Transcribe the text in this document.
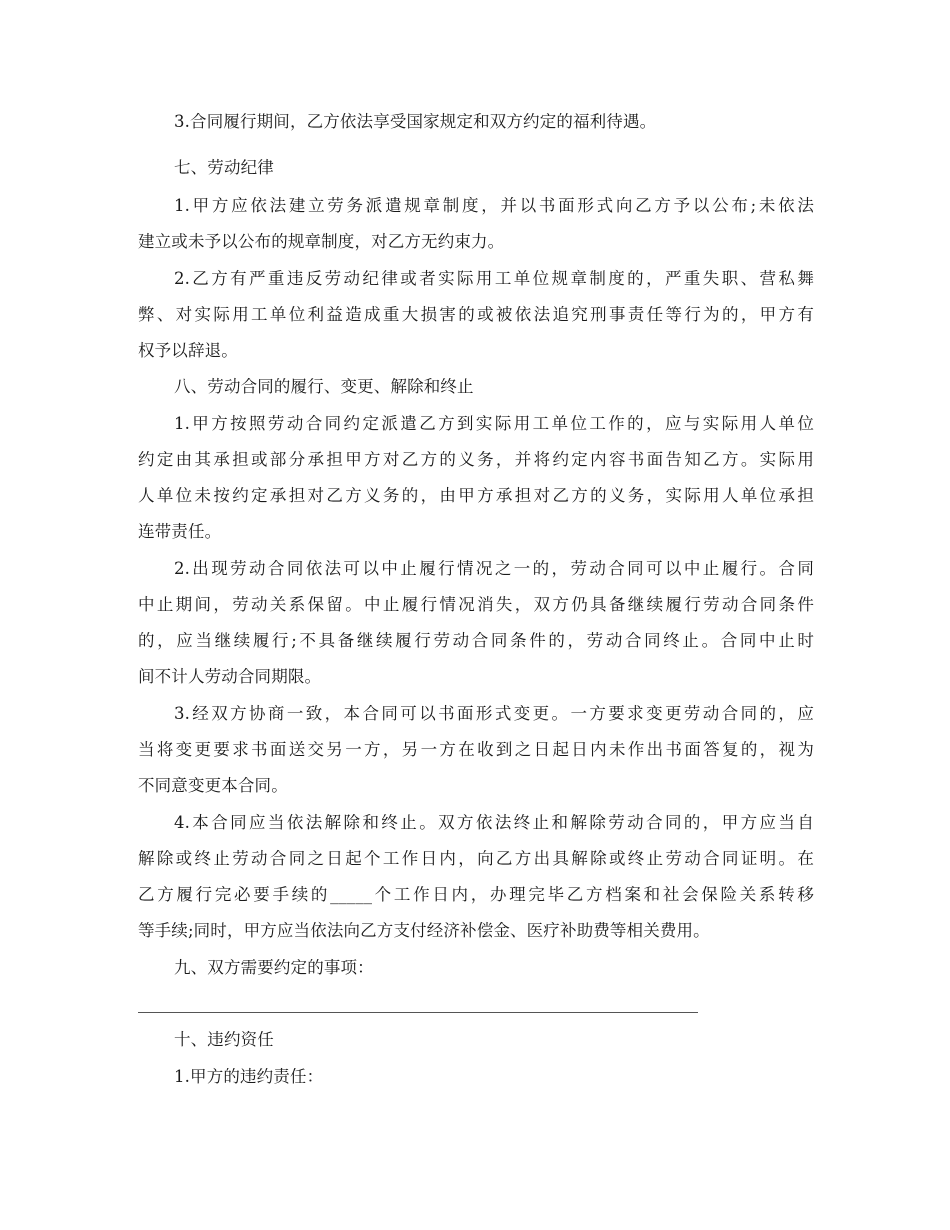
3.合同履行期间，乙方依法享受国家规定和双方约定的福利待遇。
七、劳动纪律
1.甲方应依法建立劳务派遣规章制度，并以书面形式向乙方予以公布;未依法
建立或未予以公布的规章制度，对乙方无约束力。
2.乙方有严重违反劳动纪律或者实际用工单位规章制度的，严重失职、营私舞
弊、对实际用工单位利益造成重大损害的或被依法追究刑事责任等行为的，甲方有
权予以辞退。
八、劳动合同的履行、变更、解除和终止
1.甲方按照劳动合同约定派遣乙方到实际用工单位工作的，应与实际用人单位
约定由其承担或部分承担甲方对乙方的义务，并将约定内容书面告知乙方。实际用
人单位未按约定承担对乙方义务的，由甲方承担对乙方的义务，实际用人单位承担
连带责任。
2.出现劳动合同依法可以中止履行情况之一的，劳动合同可以中止履行。合同
中止期间，劳动关系保留。中止履行情况消失，双方仍具备继续履行劳动合同条件
的，应当继续履行;不具备继续履行劳动合同条件的，劳动合同终止。合同中止时
间不计人劳动合同期限。
3.经双方协商一致，本合同可以书面形式变更。一方要求变更劳动合同的，应
当将变更要求书面送交另一方，另一方在收到之日起日内未作出书面答复的，视为
不同意变更本合同。
4.本合同应当依法解除和终止。双方依法终止和解除劳动合同的，甲方应当自
解除或终止劳动合同之日起个工作日内，向乙方出具解除或终止劳动合同证明。在
乙方履行完必要手续的_____个工作日内，办理完毕乙方档案和社会保险关系转移
等手续;同时，甲方应当依法向乙方支付经济补偿金、医疗补助费等相关费用。
九、双方需要约定的事项：
十、违约资任
1.甲方的违约责任：
